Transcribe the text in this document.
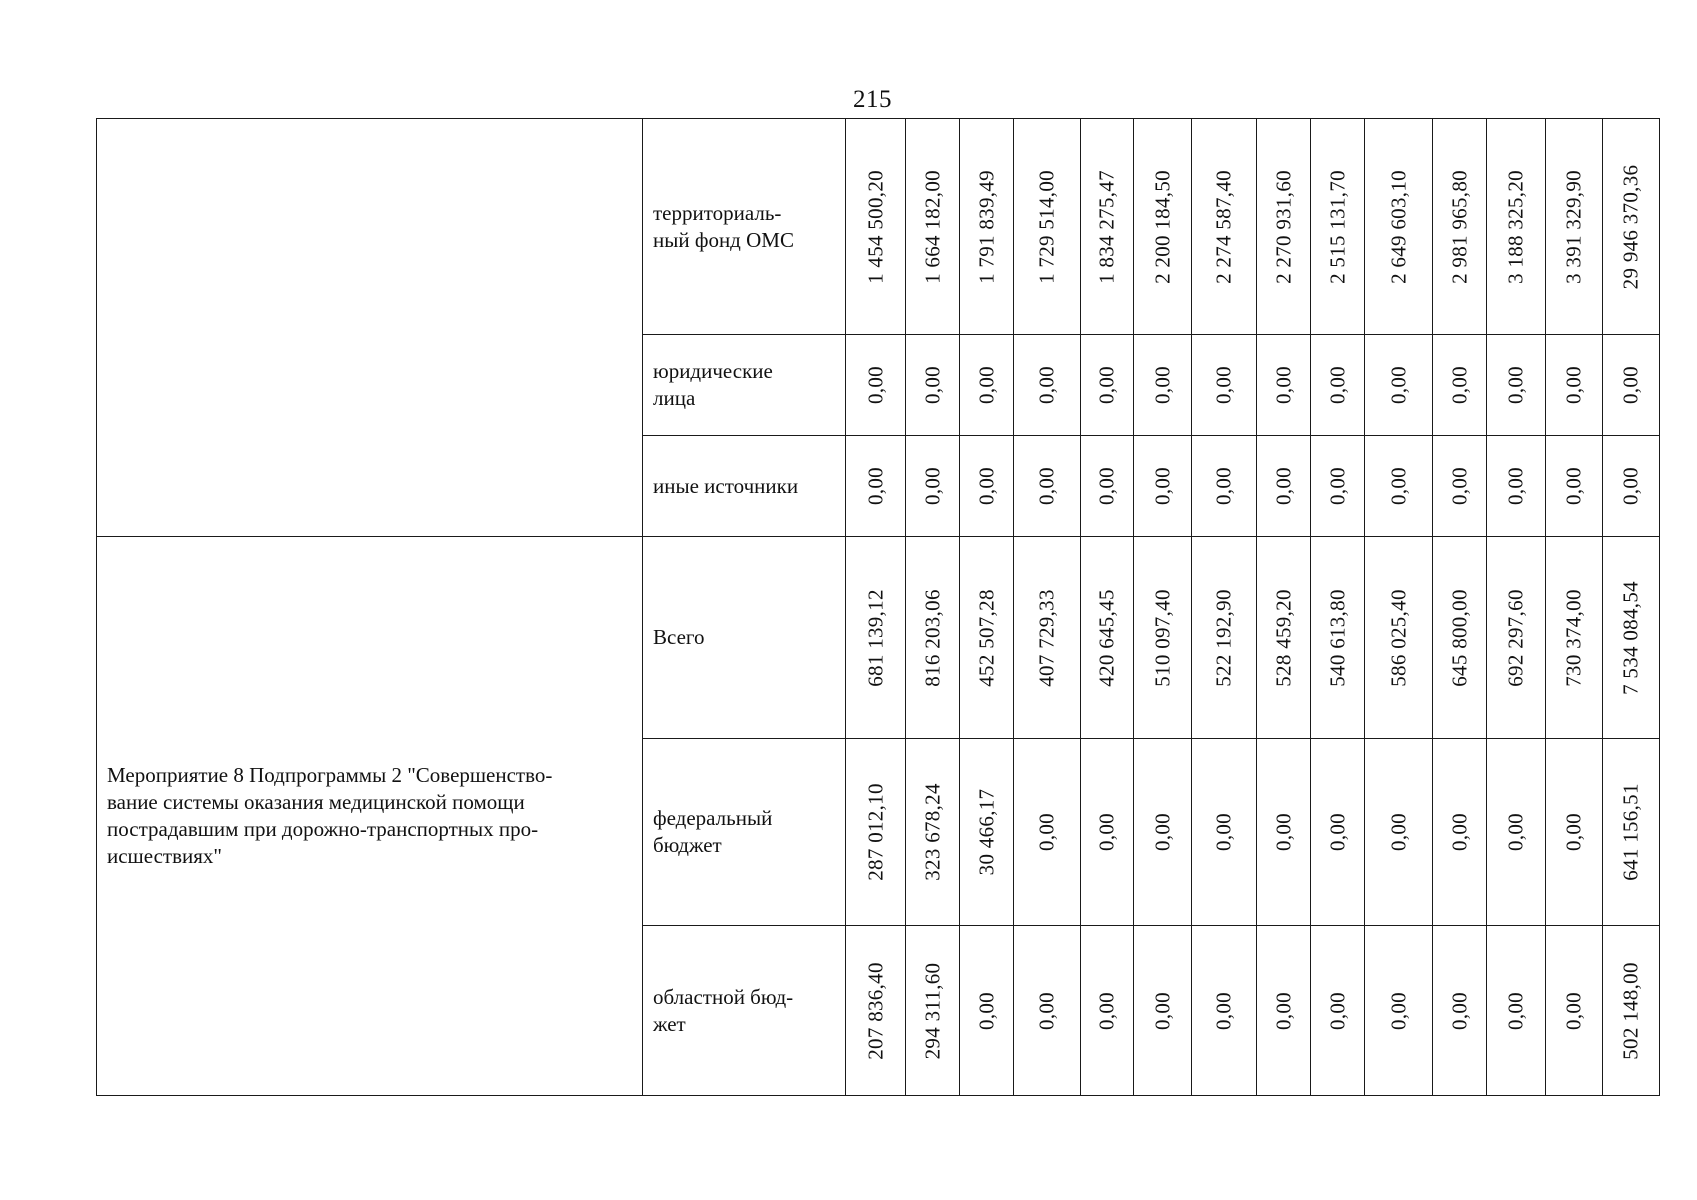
215
	территориаль-
ный фонд ОМС	1 454 500,20	1 664 182,00	1 791 839,49	1 729 514,00	1 834 275,47	2 200 184,50	2 274 587,40	2 270 931,60	2 515 131,70	2 649 603,10	2 981 965,80	3 188 325,20	3 391 329,90	29 946 370,36

	юридические
лица	0,00	0,00	0,00	0,00	0,00	0,00	0,00	0,00	0,00	0,00	0,00	0,00	0,00	0,00

	иные источники	0,00	0,00	0,00	0,00	0,00	0,00	0,00	0,00	0,00	0,00	0,00	0,00	0,00	0,00

Мероприятие 8 Подпрограммы 2 "Совершенство-
вание системы оказания медицинской помощи
пострадавшим при дорожно-транспортных про-
исшествиях"	Всего	681 139,12	816 203,06	452 507,28	407 729,33	420 645,45	510 097,40	522 192,90	528 459,20	540 613,80	586 025,40	645 800,00	692 297,60	730 374,00	7 534 084,54

	федеральный
бюджет	287 012,10	323 678,24	30 466,17	0,00	0,00	0,00	0,00	0,00	0,00	0,00	0,00	0,00	0,00	641 156,51

	областной бюд-
жет	207 836,40	294 311,60	0,00	0,00	0,00	0,00	0,00	0,00	0,00	0,00	0,00	0,00	0,00	502 148,00
